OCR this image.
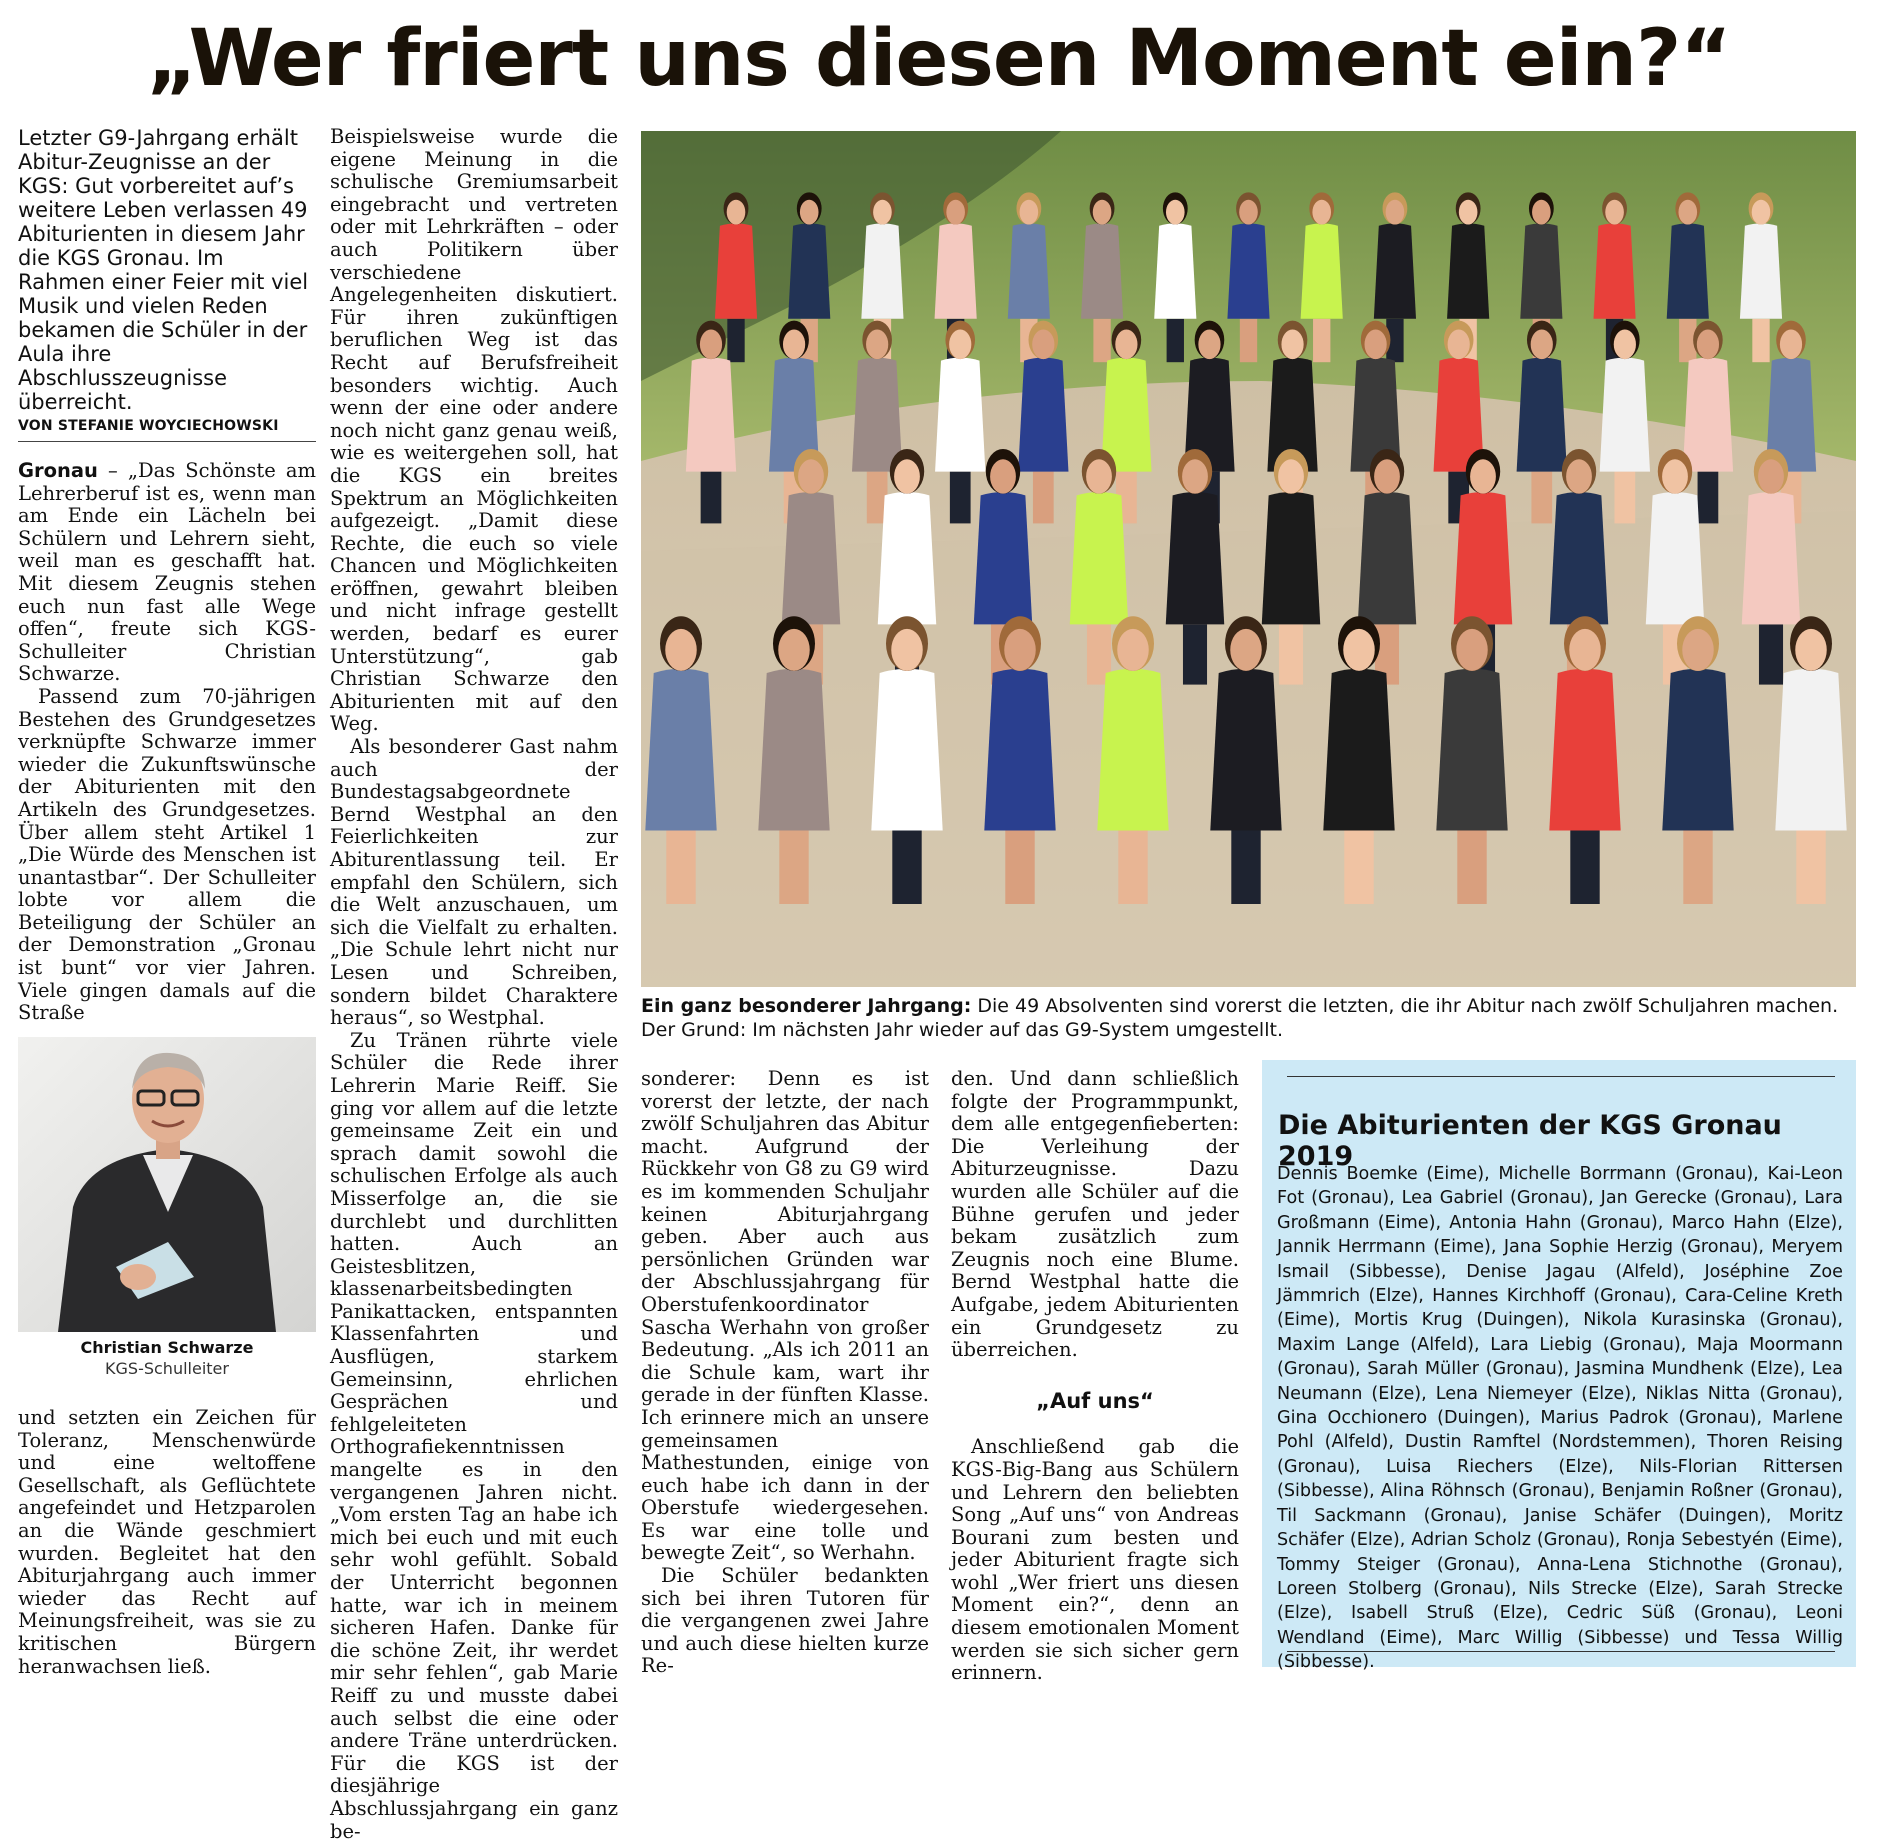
„Wer friert uns diesen Moment ein?“
Letzter G9-Jahrgang erhält Abitur-Zeugnisse an der KGS: Gut vorbereitet auf’s weitere Leben verlassen 49 Abiturienten in diesem Jahr die KGS Gronau. Im Rahmen einer Feier mit viel Musik und vielen Reden bekamen die Schüler in der Aula ihre Abschlusszeugnisse überreicht.
VON STEFANIE WOYCIECHOWSKI

Gronau – „Das Schönste am Lehrerberuf ist es, wenn man am Ende ein Lächeln bei Schülern und Lehrern sieht, weil man es geschafft hat. Mit diesem Zeugnis stehen euch nun fast alle Wege offen“, freute sich KGS-Schulleiter Christian Schwarze.

Passend zum 70-jährigen Bestehen des Grundgesetzes verknüpfte Schwarze immer wieder die Zukunftswünsche der Abiturienten mit den Artikeln des Grundgesetzes. Über allem steht Artikel 1 „Die Würde des Menschen ist unantastbar“. Der Schulleiter lobte vor allem die Beteiligung der Schüler an der Demonstration „Gronau ist bunt“ vor vier Jahren. Viele gingen damals auf die Straße

Christian Schwarze
KGS-Schulleiter

und setzten ein Zeichen für Toleranz, Menschenwürde und eine weltoffene Gesellschaft, als Geflüchtete angefeindet und Hetzparolen an die Wände geschmiert wurden. Begleitet hat den Abiturjahrgang auch immer wieder das Recht auf Meinungsfreiheit, was sie zu kritischen Bürgern heranwachsen ließ.

Beispielsweise wurde die eigene Meinung in die schulische Gremiumsarbeit eingebracht und vertreten oder mit Lehrkräften – oder auch Politikern über verschiedene Angelegenheiten diskutiert. Für ihren zukünftigen beruflichen Weg ist das Recht auf Berufsfreiheit besonders wichtig. Auch wenn der eine oder andere noch nicht ganz genau weiß, wie es weitergehen soll, hat die KGS ein breites Spektrum an Möglichkeiten aufgezeigt. „Damit diese Rechte, die euch so viele Chancen und Möglichkeiten eröffnen, gewahrt bleiben und nicht infrage gestellt werden, bedarf es eurer Unterstützung“, gab Christian Schwarze den Abiturienten mit auf den Weg.

Als besonderer Gast nahm auch der Bundestagsabgeordnete Bernd Westphal an den Feierlichkeiten zur Abiturentlassung teil. Er empfahl den Schülern, sich die Welt anzuschauen, um sich die Vielfalt zu erhalten. „Die Schule lehrt nicht nur Lesen und Schreiben, sondern bildet Charaktere heraus“, so Westphal.

Zu Tränen rührte viele Schüler die Rede ihrer Lehrerin Marie Reiff. Sie ging vor allem auf die letzte gemeinsame Zeit ein und sprach damit sowohl die schulischen Erfolge als auch Misserfolge an, die sie durchlebt und durchlitten hatten. Auch an Geistesblitzen, klassenarbeitsbedingten Panikattacken, entspannten Klassenfahrten und Ausflügen, starkem Gemeinsinn, ehrlichen Gesprächen und fehlgeleiteten Orthografiekenntnissen mangelte es in den vergangenen Jahren nicht. „Vom ersten Tag an habe ich mich bei euch und mit euch sehr wohl gefühlt. Sobald der Unterricht begonnen hatte, war ich in meinem sicheren Hafen. Danke für die schöne Zeit, ihr werdet mir sehr fehlen“, gab Marie Reiff zu und musste dabei auch selbst die eine oder andere Träne unterdrücken. Für die KGS ist der diesjährige Abschlussjahrgang ein ganz be-

Ein ganz besonderer Jahrgang: Die 49 Absolventen sind vorerst die letzten, die ihr Abitur nach zwölf Schuljahren machen. Der Grund: Im nächsten Jahr wieder auf das G9-System umgestellt.

sonderer: Denn es ist vorerst der letzte, der nach zwölf Schuljahren das Abitur macht. Aufgrund der Rückkehr von G8 zu G9 wird es im kommenden Schuljahr keinen Abiturjahrgang geben. Aber auch aus persönlichen Gründen war der Abschlussjahrgang für Oberstufenkoordinator Sascha Werhahn von großer Bedeutung. „Als ich 2011 an die Schule kam, wart ihr gerade in der fünften Klasse. Ich erinnere mich an unsere gemeinsamen Mathestunden, einige von euch habe ich dann in der Oberstufe wiedergesehen. Es war eine tolle und bewegte Zeit“, so Werhahn.

Die Schüler bedankten sich bei ihren Tutoren für die vergangenen zwei Jahre und auch diese hielten kurze Re-

den. Und dann schließlich folgte der Programmpunkt, dem alle entgegenfieberten: Die Verleihung der Abiturzeugnisse. Dazu wurden alle Schüler auf die Bühne gerufen und jeder bekam zusätzlich zum Zeugnis noch eine Blume. Bernd Westphal hatte die Aufgabe, jedem Abiturienten ein Grundgesetz zu überreichen.

„Auf uns“

Anschließend gab die KGS-Big-Bang aus Schülern und Lehrern den beliebten Song „Auf uns“ von Andreas Bourani zum besten und jeder Abiturient fragte sich wohl „Wer friert uns diesen Moment ein?“, denn an diesem emotionalen Moment werden sie sich sicher gern erinnern.

Die Abiturienten der KGS Gronau 2019
Dennis Boemke (Eime), Michelle Borrmann (Gronau), Kai-Leon Fot (Gronau), Lea Gabriel (Gronau), Jan Gerecke (Gronau), Lara Großmann (Eime), Antonia Hahn (Gronau), Marco Hahn (Elze), Jannik Herrmann (Eime), Jana Sophie Herzig (Gronau), Meryem Ismail (Sibbesse), Denise Jagau (Alfeld), Joséphine Zoe Jämmrich (Elze), Hannes Kirchhoff (Gronau), Cara-Celine Kreth (Eime), Mortis Krug (Duingen), Nikola Kurasinska (Gronau), Maxim Lange (Alfeld), Lara Liebig (Gronau), Maja Moormann (Gronau), Sarah Müller (Gronau), Jasmina Mundhenk (Elze), Lea Neumann (Elze), Lena Niemeyer (Elze), Niklas Nitta (Gronau), Gina Occhionero (Duingen), Marius Padrok (Gronau), Marlene Pohl (Alfeld), Dustin Ramftel (Nordstemmen), Thoren Reising (Gronau), Luisa Riechers (Elze), Nils-Florian Rittersen (Sibbesse), Alina Röhnsch (Gronau), Benjamin Roßner (Gronau), Til Sackmann (Gronau), Janise Schäfer (Duingen), Moritz Schäfer (Elze), Adrian Scholz (Gronau), Ronja Sebestyén (Eime), Tommy Steiger (Gronau), Anna-Lena Stichnothe (Gronau), Loreen Stolberg (Gronau), Nils Strecke (Elze), Sarah Strecke (Elze), Isabell Struß (Elze), Cedric Süß (Gronau), Leoni Wendland (Eime), Marc Willig (Sibbesse) und Tessa Willig (Sibbesse).
